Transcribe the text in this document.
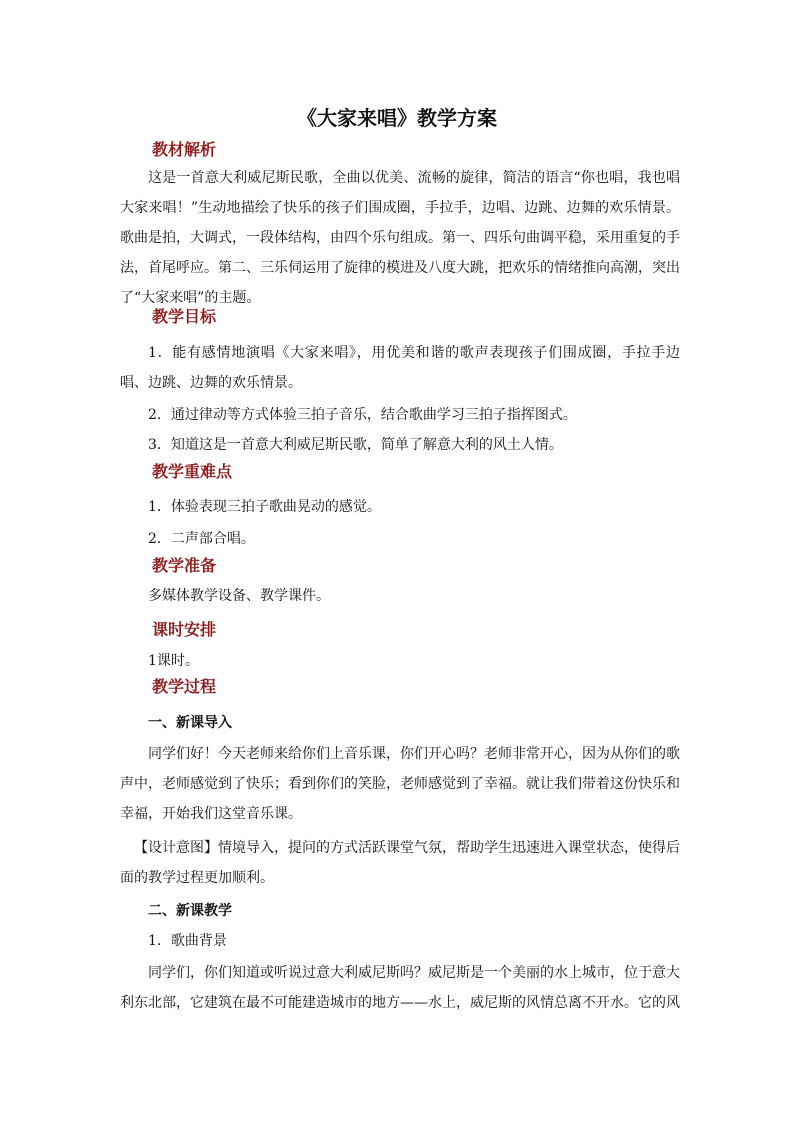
《大家来唱》教学方案
教材解析
这是一首意大利威尼斯民歌，全曲以优美、流畅的旋律，简洁的语言“你也唱，我也唱大家来唱！”生动地描绘了快乐的孩子们围成圈，手拉手，边唱、边跳、边舞的欢乐情景。歌曲是拍，大调式，一段体结构，由四个乐句组成。第一、四乐句曲调平稳，采用重复的手法，首尾呼应。第二、三乐伺运用了旋律的模进及八度大跳，把欢乐的情绪推向高潮，突出了“大家来唱”的主题。
教学目标
1．能有感情地演唱《大家来唱》，用优美和谐的歌声表现孩子们围成圈，手拉手边唱、边跳、边舞的欢乐情景。
2．通过律动等方式体验三拍子音乐，结合歌曲学习三拍子指挥图式。
3．知道这是一首意大利威尼斯民歌，简单了解意大利的风土人情。
教学重难点
1．体验表现三拍子歌曲晃动的感觉。
2．二声部合唱。
教学准备
多媒体教学设备、教学课件。
课时安排
1课时。
教学过程
一、新课导入
同学们好！今天老师来给你们上音乐课，你们开心吗？老师非常开心，因为从你们的歌声中，老师感觉到了快乐；看到你们的笑脸，老师感觉到了幸福。就让我们带着这份快乐和幸福，开始我们这堂音乐课。
【设计意图】情境导入，提问的方式活跃课堂气氛，帮助学生迅速进入课堂状态，使得后面的教学过程更加顺利。
二、新课教学
1．歌曲背景
同学们，你们知道或听说过意大利威尼斯吗？威尼斯是一个美丽的水上城市，位于意大利东北部，它建筑在最不可能建造城市的地方——水上，威尼斯的风情总离不开水。它的风
